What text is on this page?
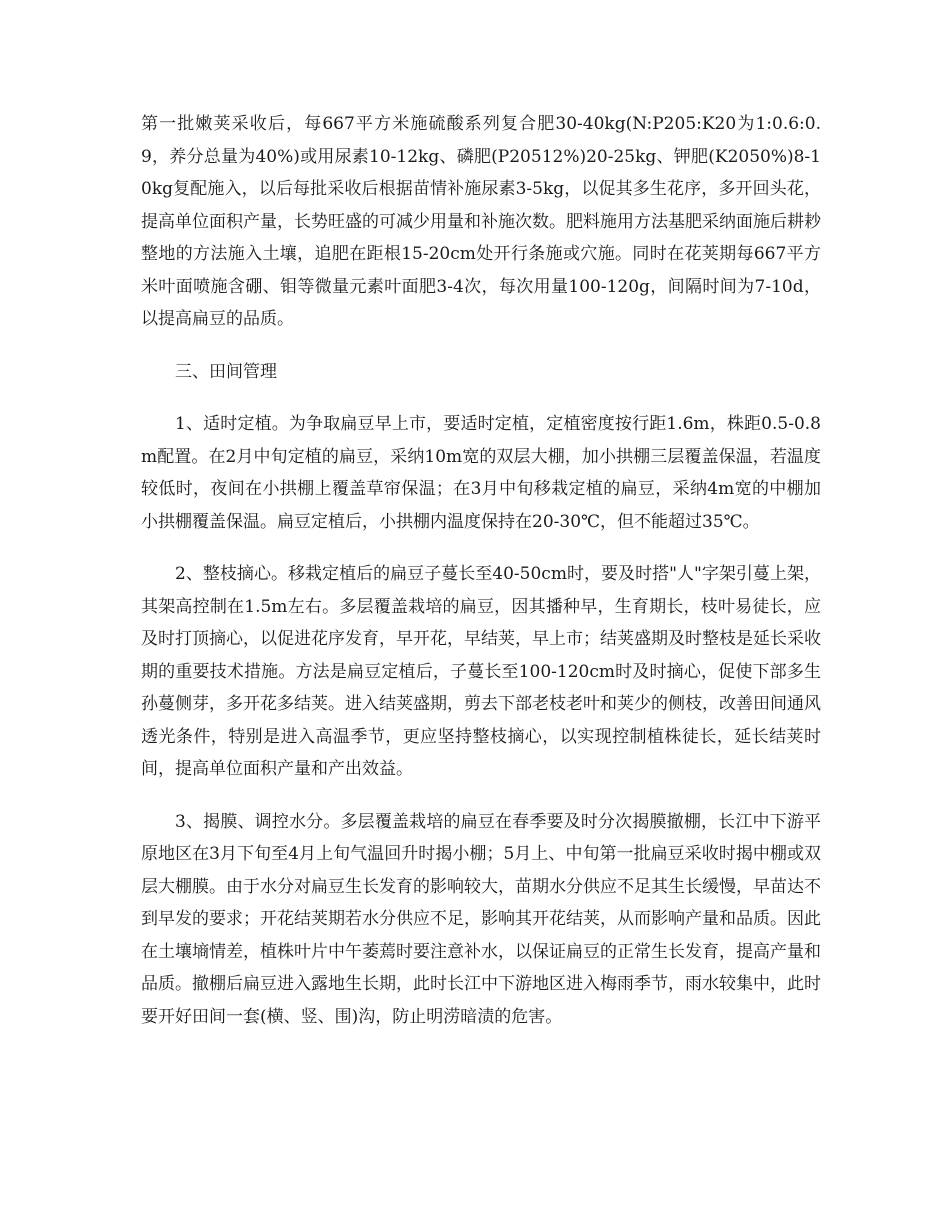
第一批嫩荚采收后，每667平方米施硫酸系列复合肥30-40kg(N:P205:K20为1:0.6:0.9，养分总量为40%)或用尿素10-12kg、磷肥(P20512%)20-25kg、钾肥(K2050%)8-10kg复配施入，以后每批采收后根据苗情补施尿素3-5kg，以促其多生花序，多开回头花，提高单位面积产量，长势旺盛的可减少用量和补施次数。肥料施用方法基肥采纳面施后耕耖整地的方法施入土壤，追肥在距根15-20cm处开行条施或穴施。同时在花荚期每667平方米叶面喷施含硼、钼等微量元素叶面肥3-4次，每次用量100-120g，间隔时间为7-10d，以提高扁豆的品质。

三、田间管理

1、适时定植。为争取扁豆早上市，要适时定植，定植密度按行距1.6m，株距0.5-0.8m配置。在2月中旬定植的扁豆，采纳10m宽的双层大棚，加小拱棚三层覆盖保温，若温度较低时，夜间在小拱棚上覆盖草帘保温；在3月中旬移栽定植的扁豆，采纳4m宽的中棚加小拱棚覆盖保温。扁豆定植后，小拱棚内温度保持在20-30℃，但不能超过35℃。

2、整枝摘心。移栽定植后的扁豆子蔓长至40-50cm时，要及时搭"人"字架引蔓上架，其架高控制在1.5m左右。多层覆盖栽培的扁豆，因其播种早，生育期长，枝叶易徒长，应及时打顶摘心，以促进花序发育，早开花，早结荚，早上市；结荚盛期及时整枝是延长采收期的重要技术措施。方法是扁豆定植后，子蔓长至100-120cm时及时摘心，促使下部多生孙蔓侧芽，多开花多结荚。进入结荚盛期，剪去下部老枝老叶和荚少的侧枝，改善田间通风透光条件，特别是进入高温季节，更应坚持整枝摘心，以实现控制植株徒长，延长结荚时间，提高单位面积产量和产出效益。

3、揭膜、调控水分。多层覆盖栽培的扁豆在春季要及时分次揭膜撤棚，长江中下游平原地区在3月下旬至4月上旬气温回升时揭小棚；5月上、中旬第一批扁豆采收时揭中棚或双层大棚膜。由于水分对扁豆生长发育的影响较大，苗期水分供应不足其生长缓慢，早苗达不到早发的要求；开花结荚期若水分供应不足，影响其开花结荚，从而影响产量和品质。因此在土壤墒情差，植株叶片中午萎蔫时要注意补水，以保证扁豆的正常生长发育，提高产量和品质。撤棚后扁豆进入露地生长期，此时长江中下游地区进入梅雨季节，雨水较集中，此时要开好田间一套(横、竖、围)沟，防止明涝暗渍的危害。
